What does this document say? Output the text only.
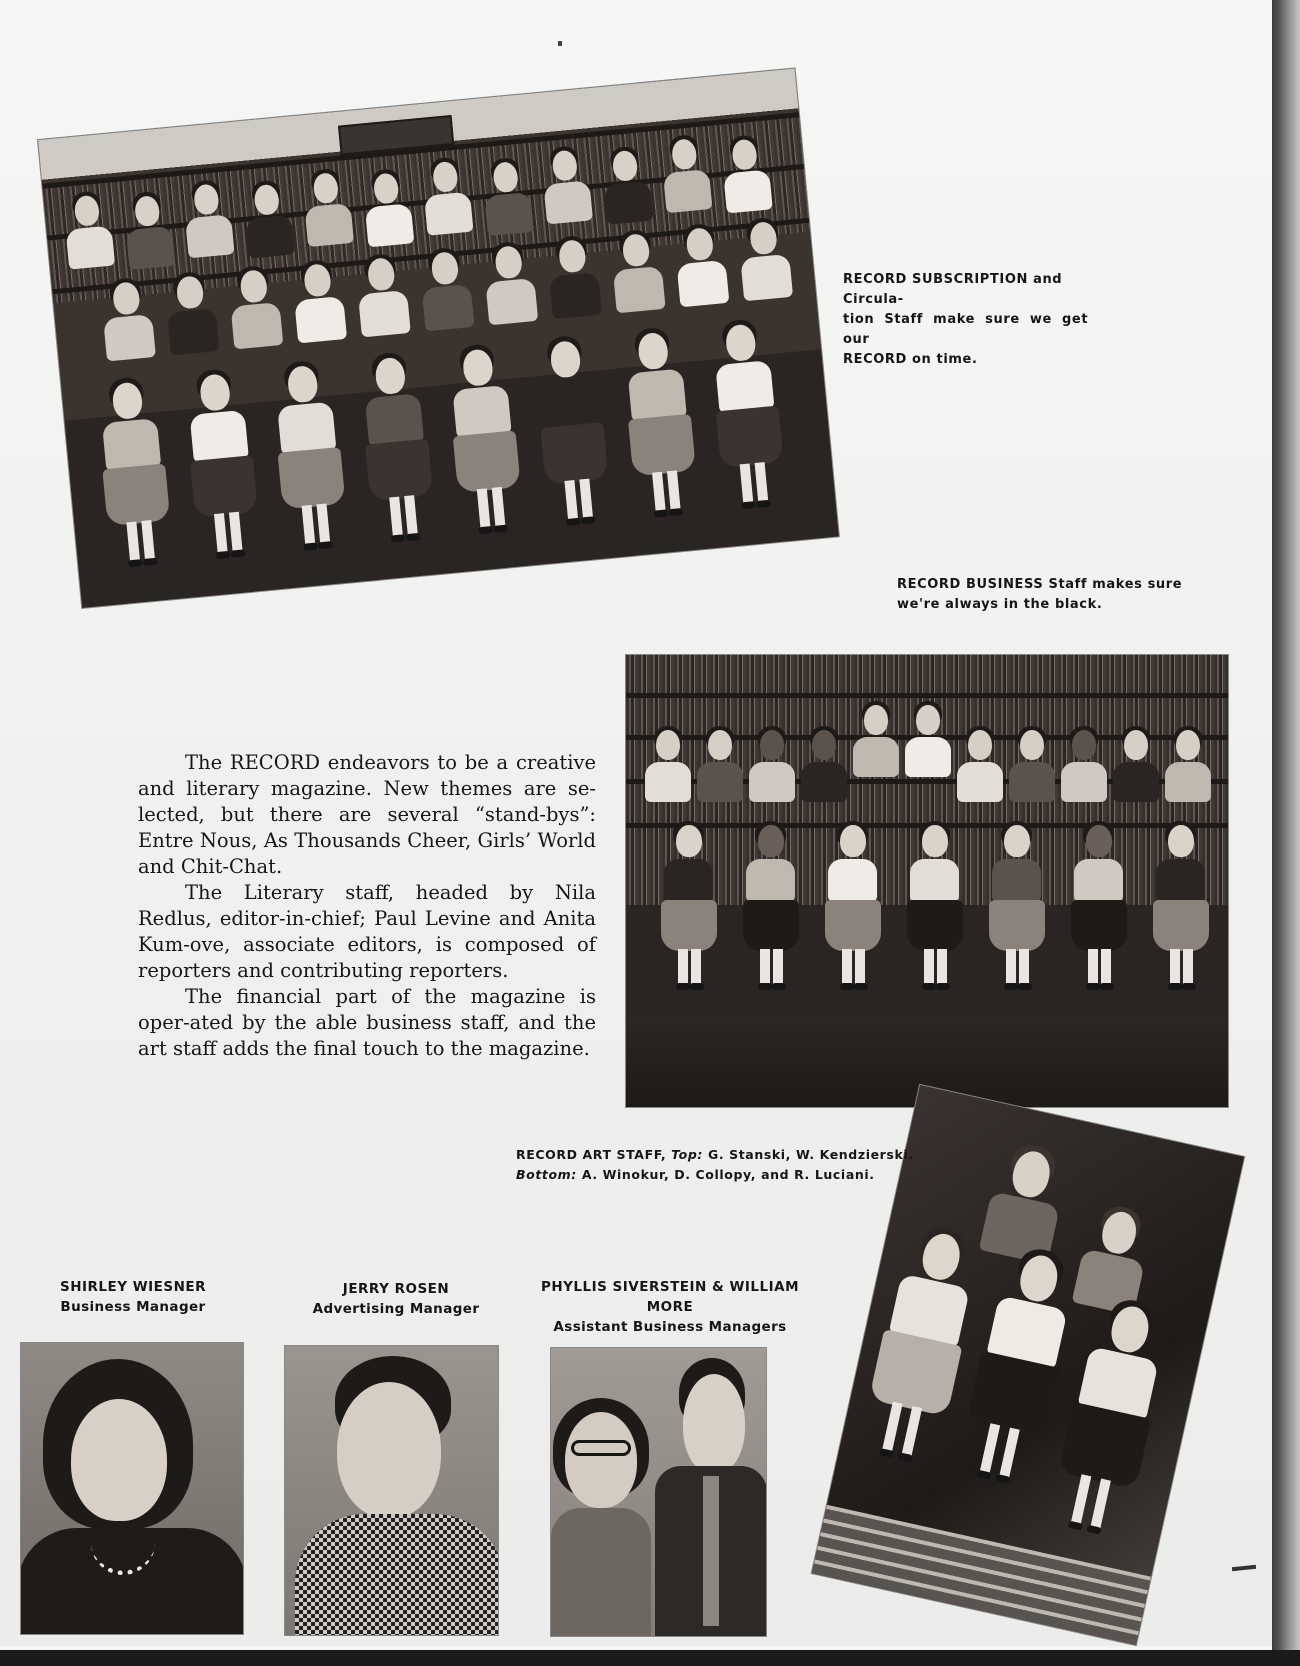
RECORD SUBSCRIPTION and Circula-
tion Staff make sure we get our
RECORD on time.
RECORD BUSINESS Staff makes sure
we're always in the black.
RECORD ART STAFF, Top: G. Stanski, W. Kendzierski.
Bottom: A. Winokur, D. Collopy, and R. Luciani.

The RECORD endeavors to be a creative and literary magazine. New themes are se-lected, but there are several “stand-bys”: Entre Nous, As Thousands Cheer, Girls’ World and Chit-Chat.

The Literary staff, headed by Nila Redlus, editor-in-chief; Paul Levine and Anita Kum-ove, associate editors, is composed of reporters and contributing reporters.

The financial part of the magazine is oper-ated by the able business staff, and the art staff adds the final touch to the magazine.

SHIRLEY WIESNER
Business Manager
JERRY ROSEN
Advertising Manager
PHYLLIS SIVERSTEIN & WILLIAM MORE
Assistant Business Managers
